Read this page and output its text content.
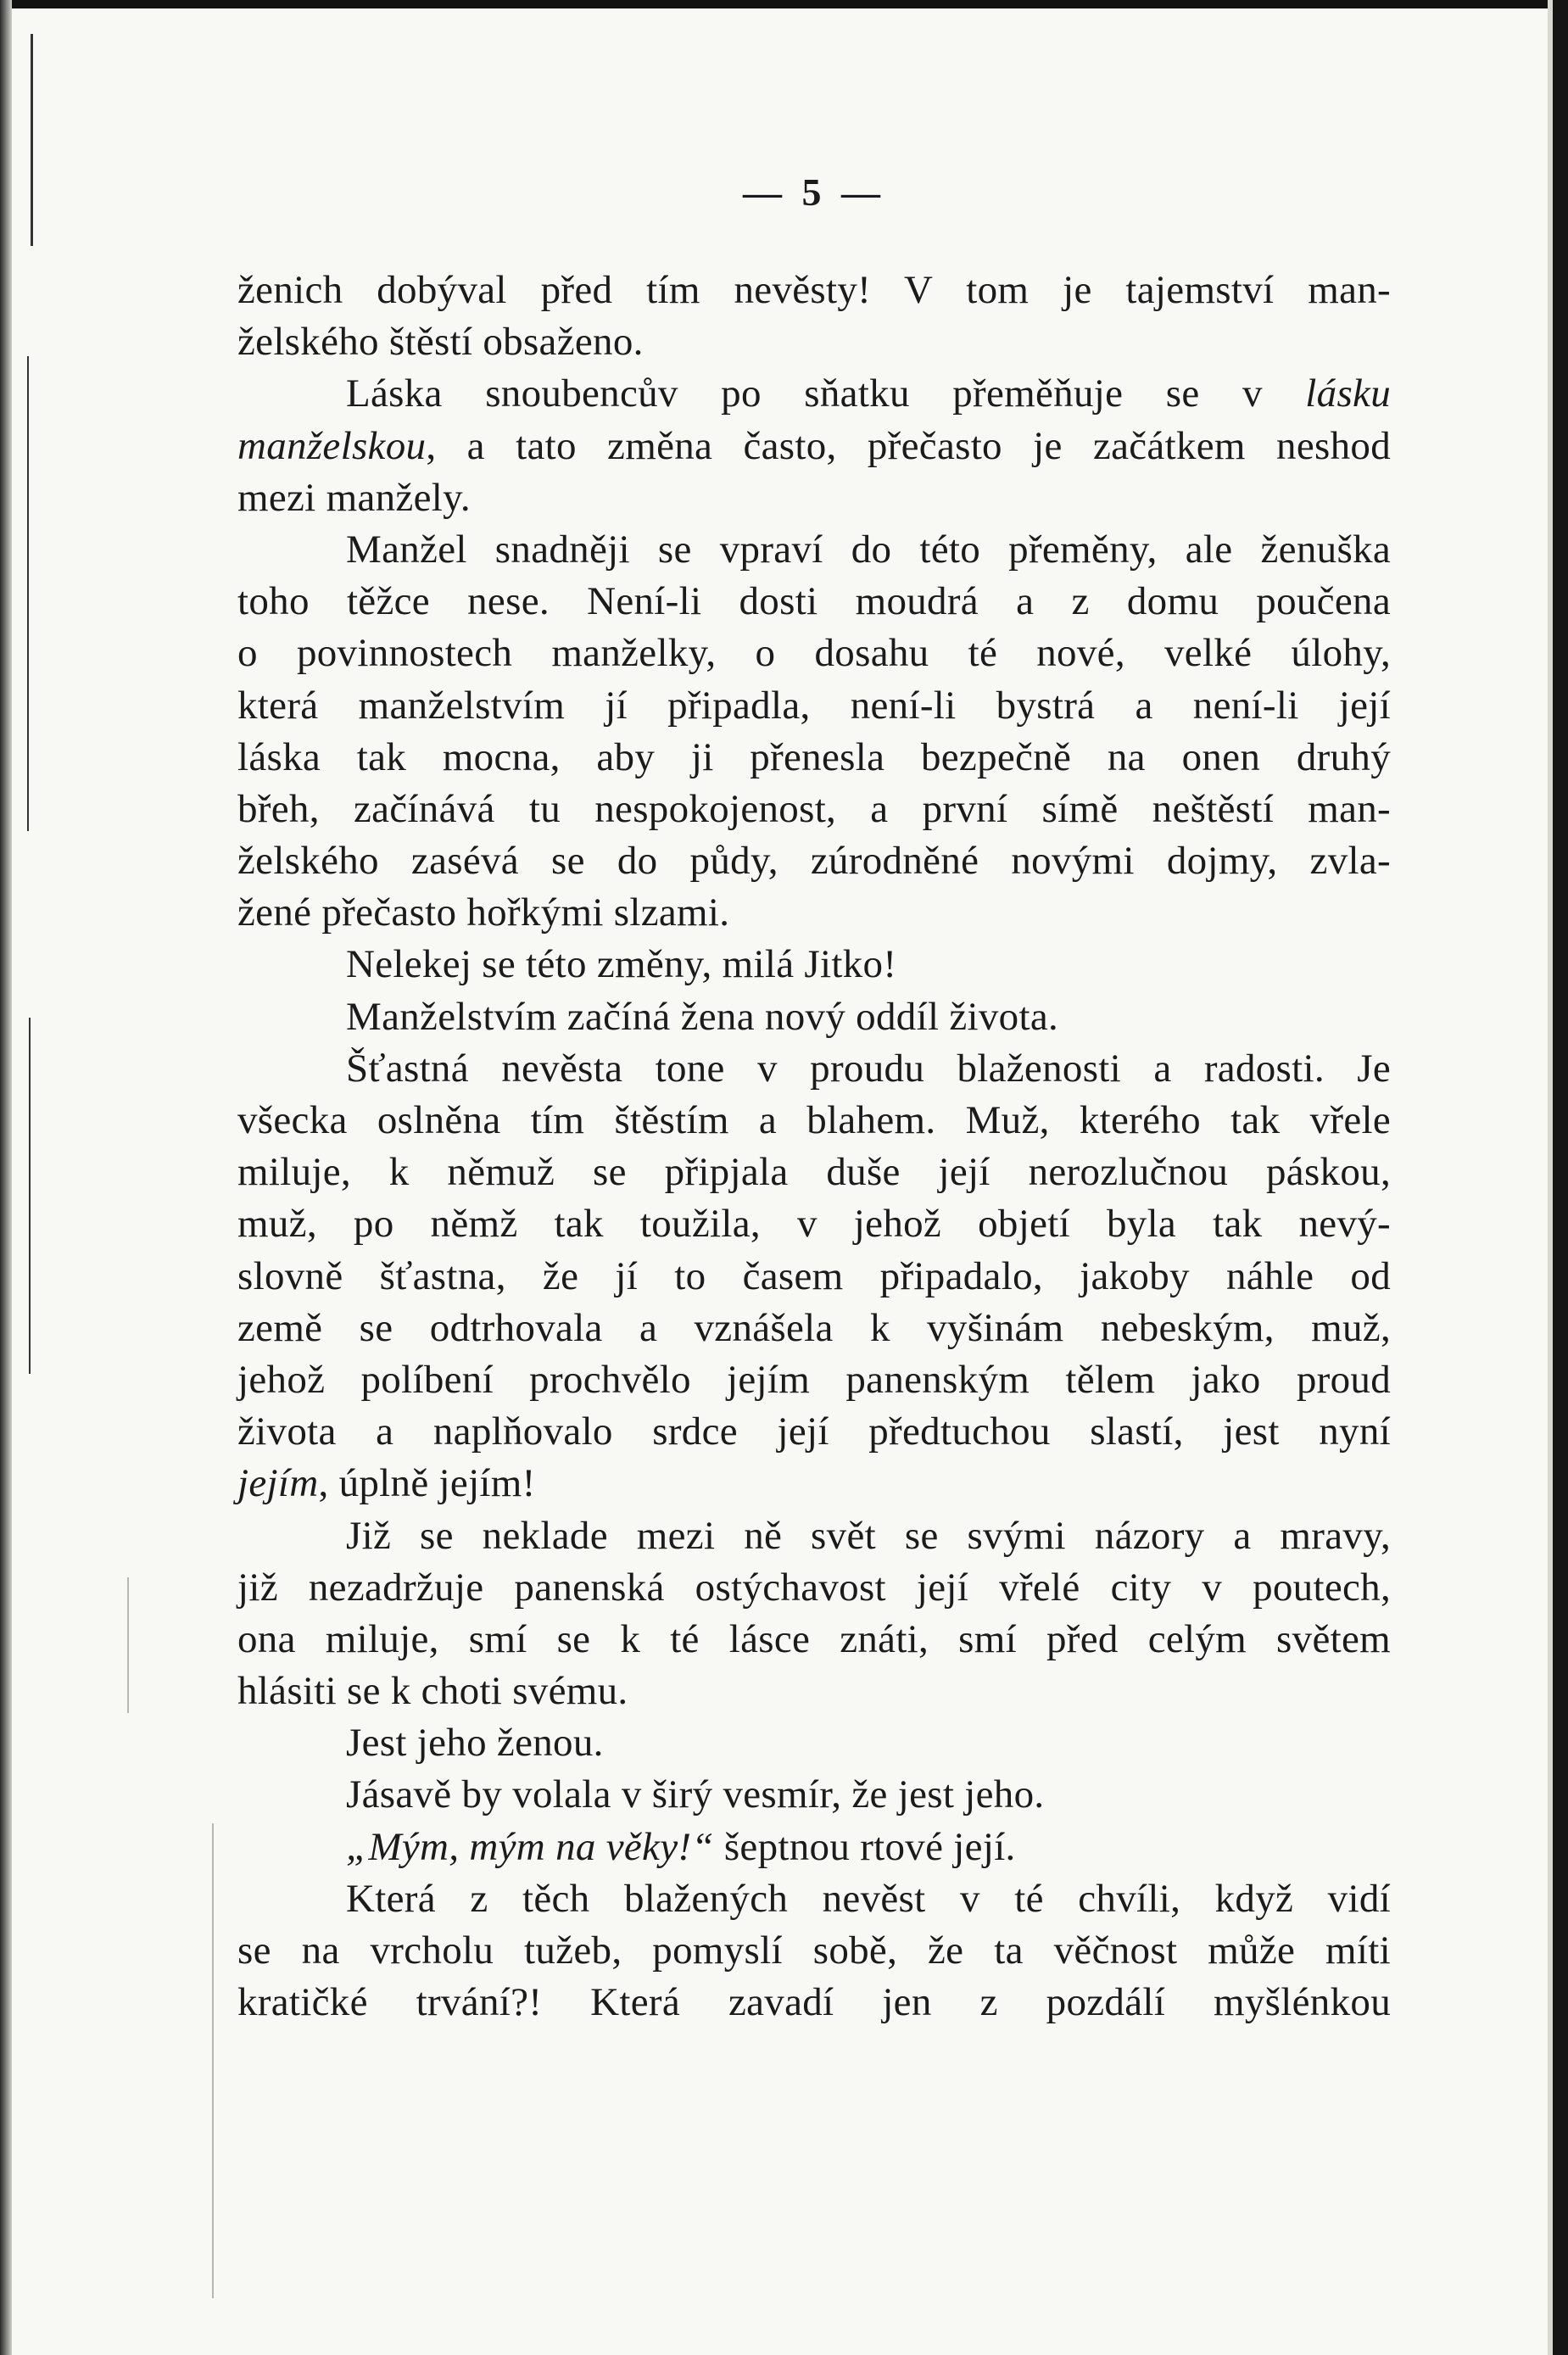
— 5 —
ženich dobýval před tím nevěsty! V tom je tajemství man-
želského štěstí obsaženo.
Láska snoubencův po sňatku přeměňuje se v lásku
manželskou, a tato změna často, přečasto je začátkem neshod
mezi manžely.
Manžel snadněji se vpraví do této přeměny, ale ženuška
toho těžce nese. Není-li dosti moudrá a z domu poučena
o povinnostech manželky, o dosahu té nové, velké úlohy,
která manželstvím jí připadla, není-li bystrá a není-li její
láska tak mocna, aby ji přenesla bezpečně na onen druhý
břeh, začínává tu nespokojenost, a první símě neštěstí man-
želského zasévá se do půdy, zúrodněné novými dojmy, zvla-
žené přečasto hořkými slzami.
Nelekej se této změny, milá Jitko!
Manželstvím začíná žena nový oddíl života.
Šťastná nevěsta tone v proudu blaženosti a radosti. Je
všecka oslněna tím štěstím a blahem. Muž, kterého tak vřele
miluje, k němuž se připjala duše její nerozlučnou páskou,
muž, po němž tak toužila, v jehož objetí byla tak nevý-
slovně šťastna, že jí to časem připadalo, jakoby náhle od
země se odtrhovala a vznášela k vyšinám nebeským, muž,
jehož políbení prochvělo jejím panenským tělem jako proud
života a naplňovalo srdce její předtuchou slastí, jest nyní
jejím, úplně jejím!
Již se neklade mezi ně svět se svými názory a mravy,
již nezadržuje panenská ostýchavost její vřelé city v poutech,
ona miluje, smí se k té lásce znáti, smí před celým světem
hlásiti se k choti svému.
Jest jeho ženou.
Jásavě by volala v širý vesmír, že jest jeho.
„Mým, mým na věky!“ šeptnou rtové její.
Která z těch blažených nevěst v té chvíli, když vidí
se na vrcholu tužeb, pomyslí sobě, že ta věčnost může míti
kratičké trvání?! Která zavadí jen z pozdálí myšlénkou
